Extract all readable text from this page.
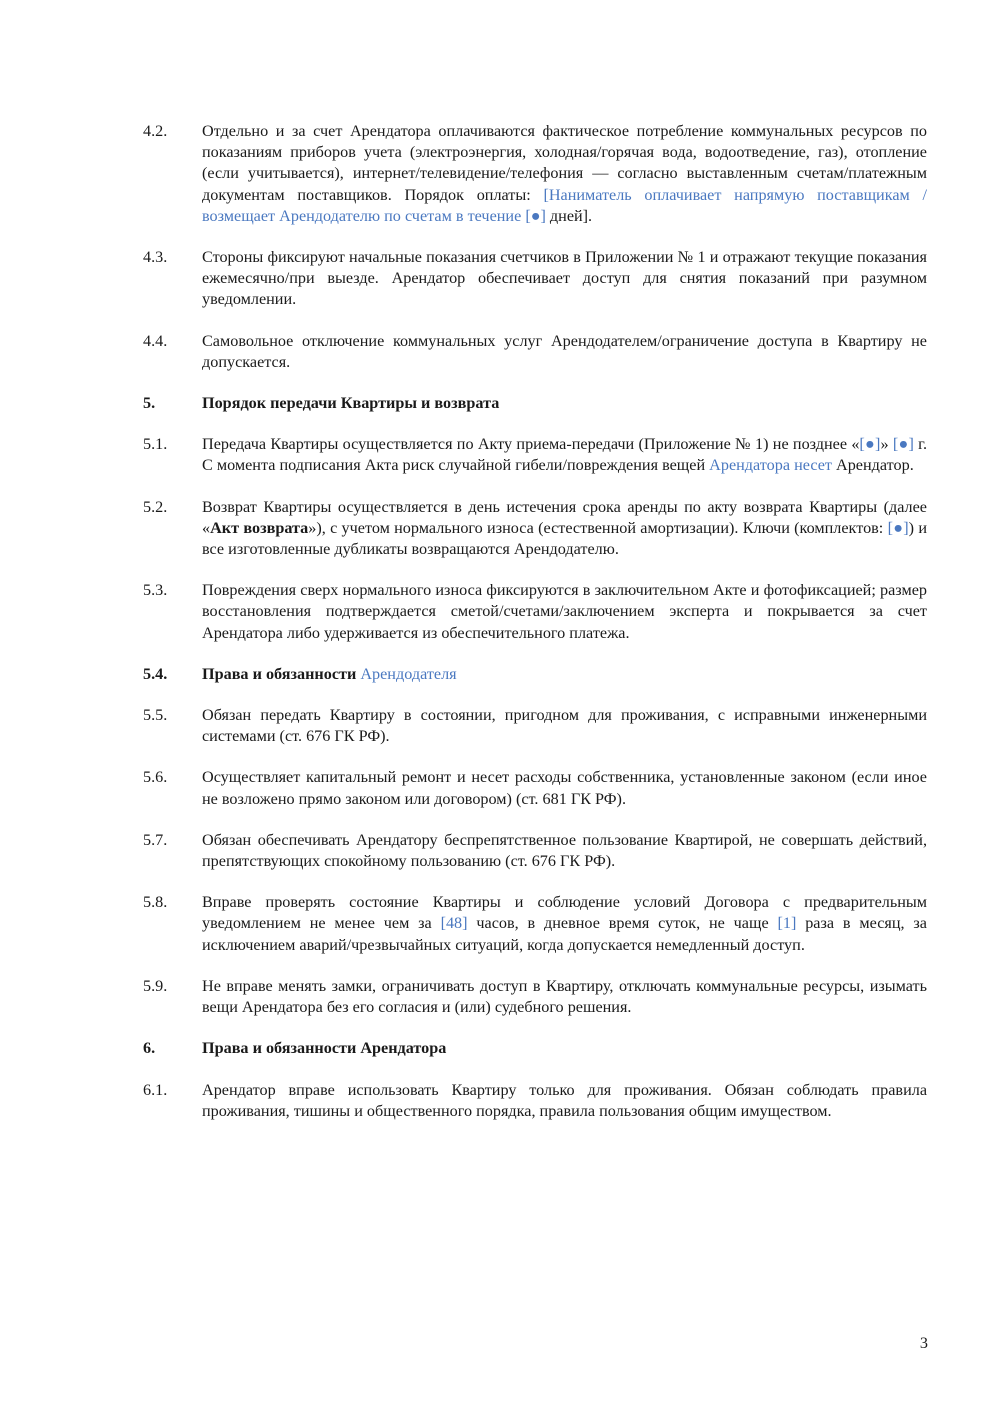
4.2.	Отдельно и за счет Арендатора оплачиваются фактическое потребление коммунальных ресурсов по показаниям приборов учета (электроэнергия, холодная/горячая вода, водоотведение, газ), отопление (если учитывается), интернет/телевидение/телефония — согласно выставленным счетам/платежным документам поставщиков. Порядок оплаты: [Наниматель оплачивает напрямую поставщикам / возмещает Арендодателю по счетам в течение [●] дней].
4.3.	Стороны фиксируют начальные показания счетчиков в Приложении № 1 и отражают текущие показания ежемесячно/при выезде. Арендатор обеспечивает доступ для снятия показаний при разумном уведомлении.
4.4.	Самовольное отключение коммунальных услуг Арендодателем/ограничение доступа в Квартиру не допускается.
5.	Порядок передачи Квартиры и возврата
5.1.	Передача Квартиры осуществляется по Акту приема-передачи (Приложение № 1) не позднее «[●]» [●] г. С момента подписания Акта риск случайной гибели/повреждения вещей Арендатора несет Арендатор.
5.2.	Возврат Квартиры осуществляется в день истечения срока аренды по акту возврата Квартиры (далее «Акт возврата»), с учетом нормального износа (естественной амортизации). Ключи (комплектов: [●]) и все изготовленные дубликаты возвращаются Арендодателю.
5.3.	Повреждения сверх нормального износа фиксируются в заключительном Акте и фотофиксацией; размер восстановления подтверждается сметой/счетами/заключением эксперта и покрывается за счет Арендатора либо удерживается из обеспечительного платежа.
5.4.	Права и обязанности Арендодателя
5.5.	Обязан передать Квартиру в состоянии, пригодном для проживания, с исправными инженерными системами (ст. 676 ГК РФ).
5.6.	Осуществляет капитальный ремонт и несет расходы собственника, установленные законом (если иное не возложено прямо законом или договором) (ст. 681 ГК РФ).
5.7.	Обязан обеспечивать Арендатору беспрепятственное пользование Квартирой, не совершать действий, препятствующих спокойному пользованию (ст. 676 ГК РФ).
5.8.	Вправе проверять состояние Квартиры и соблюдение условий Договора с предварительным уведомлением не менее чем за [48] часов, в дневное время суток, не чаще [1] раза в месяц, за исключением аварий/чрезвычайных ситуаций, когда допускается немедленный доступ.
5.9.	Не вправе менять замки, ограничивать доступ в Квартиру, отключать коммунальные ресурсы, изымать вещи Арендатора без его согласия и (или) судебного решения.
6.	Права и обязанности Арендатора
6.1.	Арендатор вправе использовать Квартиру только для проживания. Обязан соблюдать правила проживания, тишины и общественного порядка, правила пользования общим имуществом.
3
